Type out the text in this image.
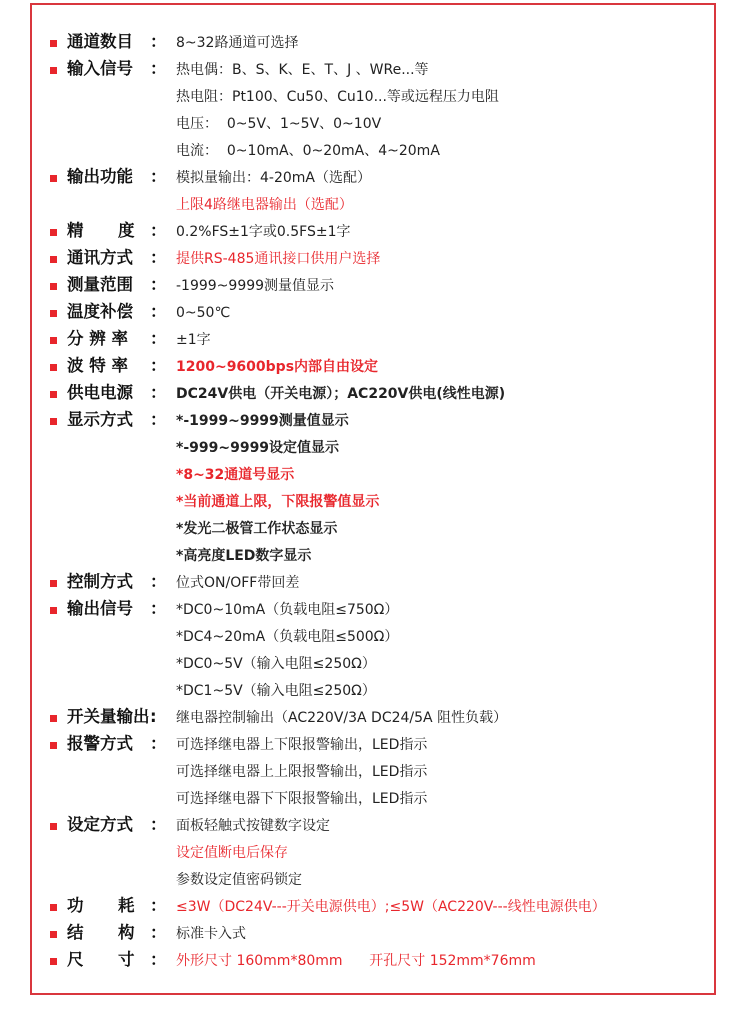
通道数目 ： 8~32路通道可选择
输入信号 ： 热电偶：B、S、K、E、T、J 、WRe...等
热电阻：Pt100、Cu50、Cu10...等或远程压力电阻
电压：  0~5V、1~5V、0~10V
电流：  0~10mA、0~20mA、4~20mA
输出功能 ： 模拟量输出：4-20mA（选配）
上限4路继电器输出（选配）
精      度 ： 0.2%FS±1字或0.5FS±1字
通讯方式 ： 提供RS-485通讯接口供用户选择
测量范围 ： -1999~9999测量值显示
温度补偿 ： 0~50℃
分 辨 率 ： ±1字
波 特 率 ： 1200~9600bps内部自由设定
供电电源 ： DC24V供电（开关电源）；AC220V供电(线性电源)
显示方式 ： *-1999~9999测量值显示
*-999~9999设定值显示
*8~32通道号显示
*当前通道上限，下限报警值显示
*发光二极管工作状态显示
*高亮度LED数字显示
控制方式 ： 位式ON/OFF带回差
输出信号 ： *DC0~10mA（负载电阻≤750Ω）
*DC4~20mA（负载电阻≤500Ω）
*DC0~5V（输入电阻≤250Ω）
*DC1~5V（输入电阻≤250Ω）
开关量输出 : 继电器控制输出（AC220V/3A DC24/5A 阻性负载）
报警方式 ： 可选择继电器上下限报警输出，LED指示
可选择继电器上上限报警输出，LED指示
可选择继电器下下限报警输出，LED指示
设定方式 ： 面板轻触式按键数字设定
设定值断电后保存
参数设定值密码锁定
功      耗 ： ≤3W（DC24V---开关电源供电）;≤5W（AC220V---线性电源供电）
结      构 ： 标准卡入式
尺      寸 ： 外形尺寸 160mm*80mm      开孔尺寸 152mm*76mm
